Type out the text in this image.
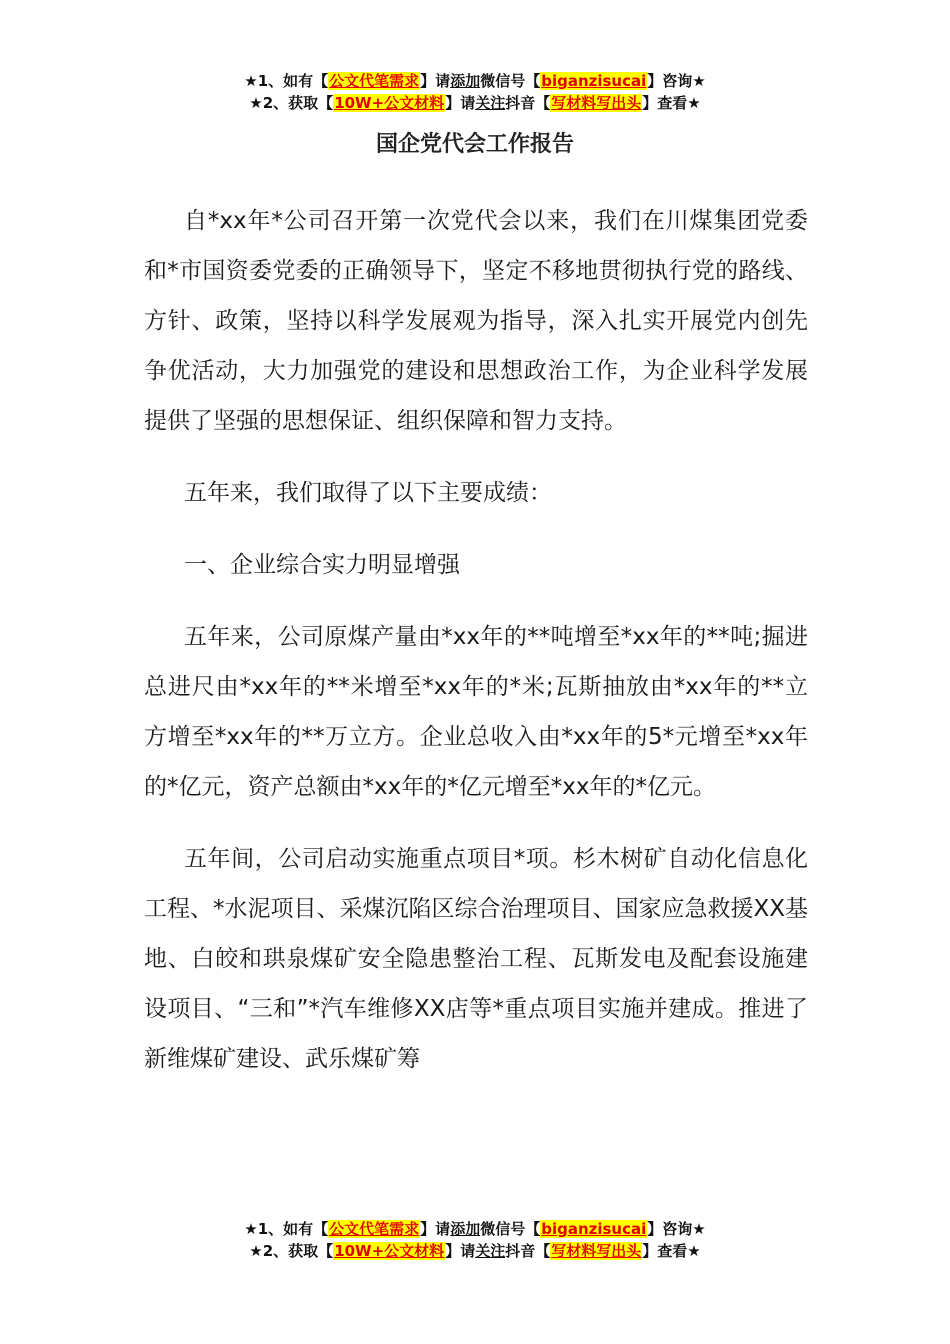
★1、如有【公文代笔需求】请添加微信号【biganzisucai】咨询★
★2、获取【10W+公文材料】请关注抖音【写材料写出头】查看★
国企党代会工作报告

自*xx年*公司召开第一次党代会以来，我们在川煤集团党委和*市国资委党委的正确领导下，坚定不移地贯彻执行党的路线、方针、政策，坚持以科学发展观为指导，深入扎实开展党内创先争优活动，大力加强党的建设和思想政治工作，为企业科学发展提供了坚强的思想保证、组织保障和智力支持。

五年来，我们取得了以下主要成绩：

一、企业综合实力明显增强

五年来，公司原煤产量由*xx年的**吨增至*xx年的**吨;掘进总进尺由*xx年的**米增至*xx年的*米;瓦斯抽放由*xx年的**立方增至*xx年的**万立方。企业总收入由*xx年的5*元增至*xx年的*亿元，资产总额由*xx年的*亿元增至*xx年的*亿元。

五年间，公司启动实施重点项目*项。杉木树矿自动化信息化工程、*水泥项目、采煤沉陷区综合治理项目、国家应急救援XX基地、白皎和珙泉煤矿安全隐患整治工程、瓦斯发电及配套设施建设项目、“三和”*汽车维修XX店等*重点项目实施并建成。推进了新维煤矿建设、武乐煤矿筹

★1、如有【公文代笔需求】请添加微信号【biganzisucai】咨询★
★2、获取【10W+公文材料】请关注抖音【写材料写出头】查看★
